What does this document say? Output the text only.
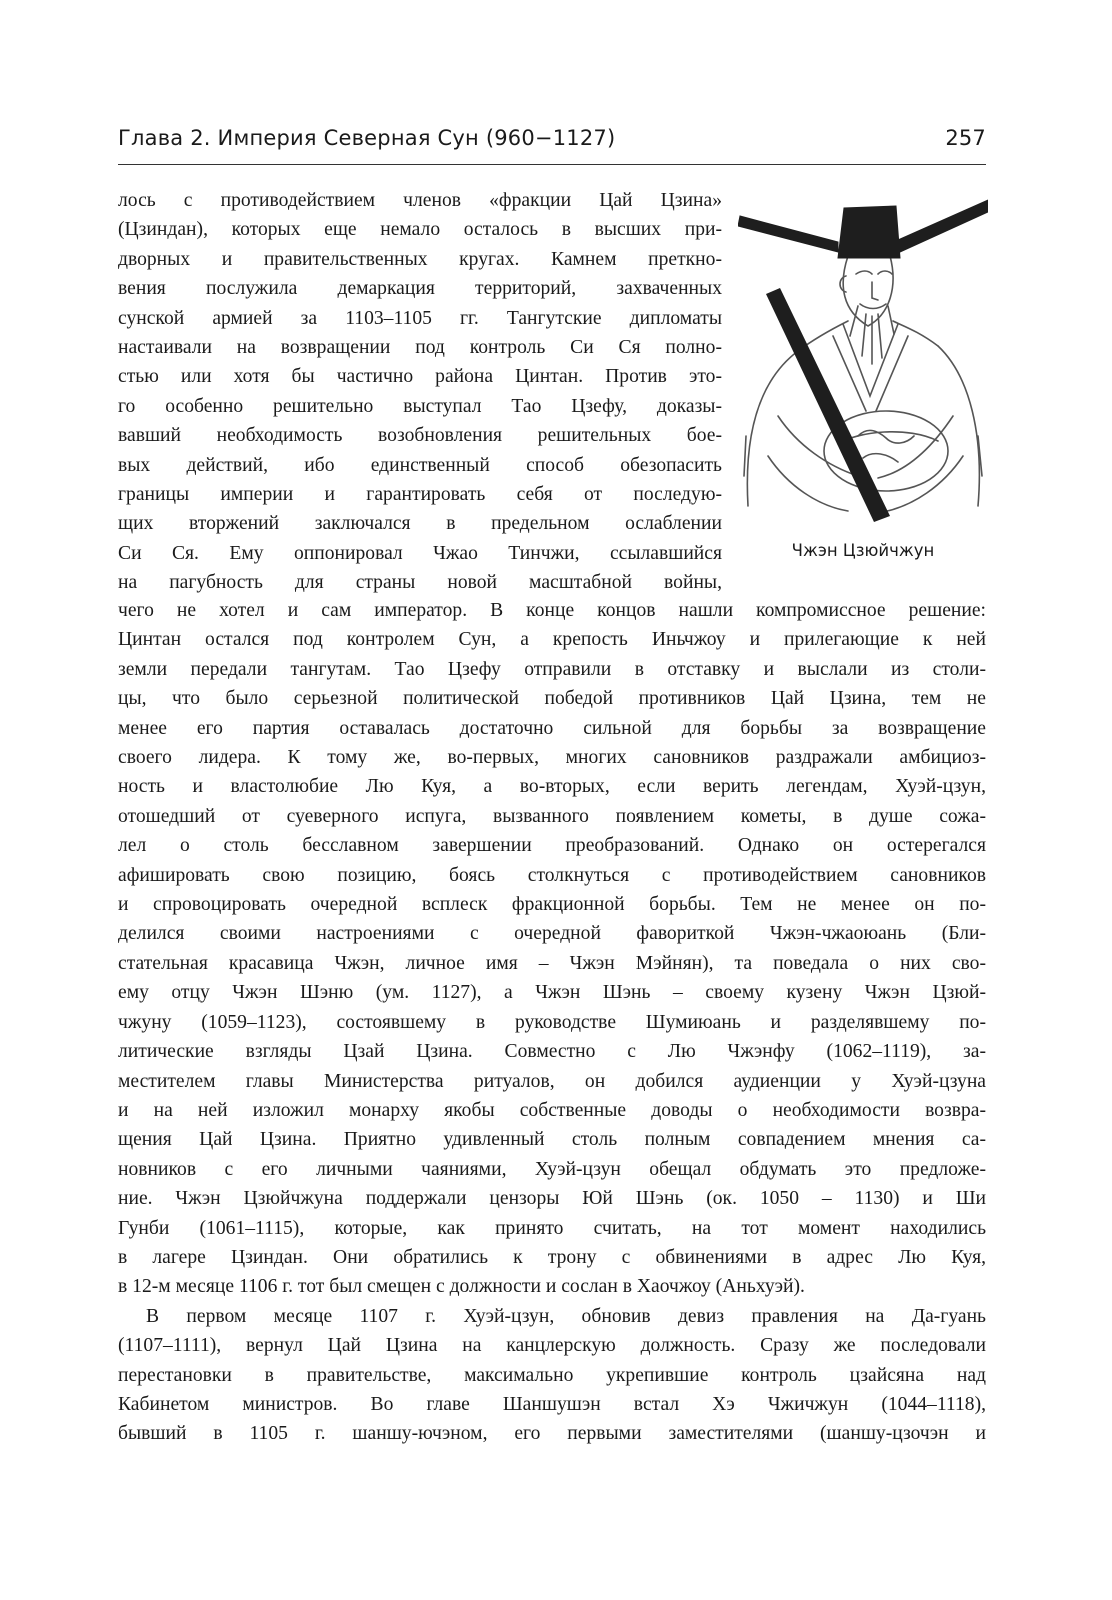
Глава 2. Империя Северная Сун (960−1127)	257
Чжэн Цзюйчжун
лось с противодействием членов «фракции Цай Цзина»
(Цзиндан), которых еще немало осталось в высших при-
дворных и правительственных кругах. Камнем преткно-
вения послужила демаркация территорий, захваченных
сунской армией за 1103–1105 гг. Тангутские дипломаты
настаивали на возвращении под контроль Си Ся полно-
стью или хотя бы частично района Цинтан. Против это-
го особенно решительно выступал Тао Цзефу, доказы-
вавший необходимость возобновления решительных бое-
вых действий, ибо единственный способ обезопасить
границы империи и гарантировать себя от последую-
щих вторжений заключался в предельном ослаблении
Си Ся. Ему оппонировал Чжао Тинчжи, ссылавшийся
на пагубность для страны новой масштабной войны,
чего не хотел и сам император. В конце концов нашли компромиссное решение:
Цинтан остался под контролем Сун, а крепость Иньчжоу и прилегающие к ней
земли передали тангутам. Тао Цзефу отправили в отставку и выслали из столи-
цы, что было серьезной политической победой противников Цай Цзина, тем не
менее его партия оставалась достаточно сильной для борьбы за возвращение
своего лидера. К тому же, во-первых, многих сановников раздражали амбициоз-
ность и властолюбие Лю Куя, а во-вторых, если верить легендам, Хуэй-цзун,
отошедший от суеверного испуга, вызванного появлением кометы, в душе сожа-
лел о столь бесславном завершении преобразований. Однако он остерегался
афишировать свою позицию, боясь столкнуться с противодействием сановников
и спровоцировать очередной всплеск фракционной борьбы. Тем не менее он по-
делился своими настроениями с очередной фавориткой Чжэн-чжаоюань (Бли-
стательная красавица Чжэн, личное имя – Чжэн Мэйнян), та поведала о них сво-
ему отцу Чжэн Шэню (ум. 1127), а Чжэн Шэнь – своему кузену Чжэн Цзюй-
чжуну (1059–1123), состоявшему в руководстве Шумиюань и разделявшему по-
литические взгляды Цзай Цзина. Совместно с Лю Чжэнфу (1062–1119), за-
местителем главы Министерства ритуалов, он добился аудиенции у Хуэй-цзуна
и на ней изложил монарху якобы собственные доводы о необходимости возвра-
щения Цай Цзина. Приятно удивленный столь полным совпадением мнения са-
новников с его личными чаяниями, Хуэй-цзун обещал обдумать это предложе-
ние. Чжэн Цзюйчжуна поддержали цензоры Юй Шэнь (ок. 1050 – 1130) и Ши
Гунби (1061–1115), которые, как принято считать, на тот момент находились
в лагере Цзиндан. Они обратились к трону с обвинениями в адрес Лю Куя,
в 12-м месяце 1106 г. тот был смещен с должности и сослан в Хаочжоу (Аньхуэй).
В первом месяце 1107 г. Хуэй-цзун, обновив девиз правления на Да-гуань
(1107–1111), вернул Цай Цзина на канцлерскую должность. Сразу же последовали
перестановки в правительстве, максимально укрепившие контроль цзайсяна над
Кабинетом министров. Во главе Шаншушэн встал Хэ Чжичжун (1044–1118),
бывший в 1105 г. шаншу-ючэном, его первыми заместителями (шаншу-цзочэн и
